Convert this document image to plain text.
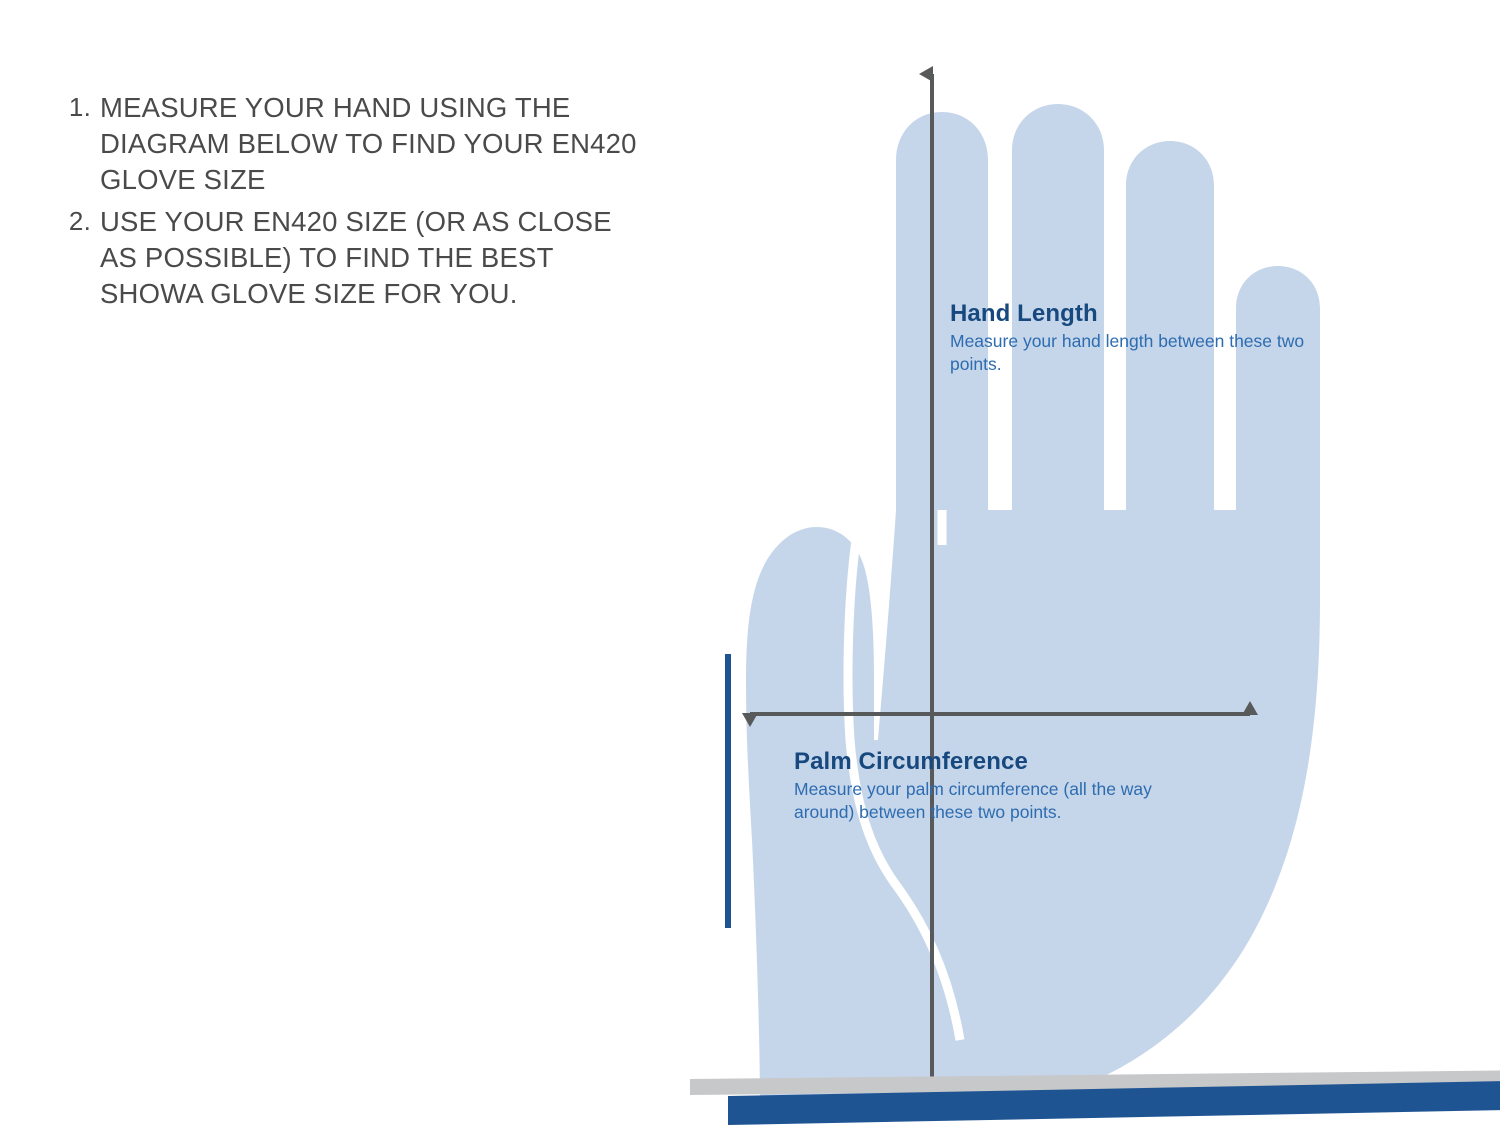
1. MEASURE YOUR HAND USING THE DIAGRAM BELOW TO FIND YOUR EN420 GLOVE SIZE
2. USE YOUR EN420 SIZE (OR AS CLOSE AS POSSIBLE) TO FIND THE BEST SHOWA GLOVE SIZE FOR YOU.

Hand Length

Measure your hand length between these two points.

Palm Circumference

Measure your palm circumference (all the way around) between these two points.
